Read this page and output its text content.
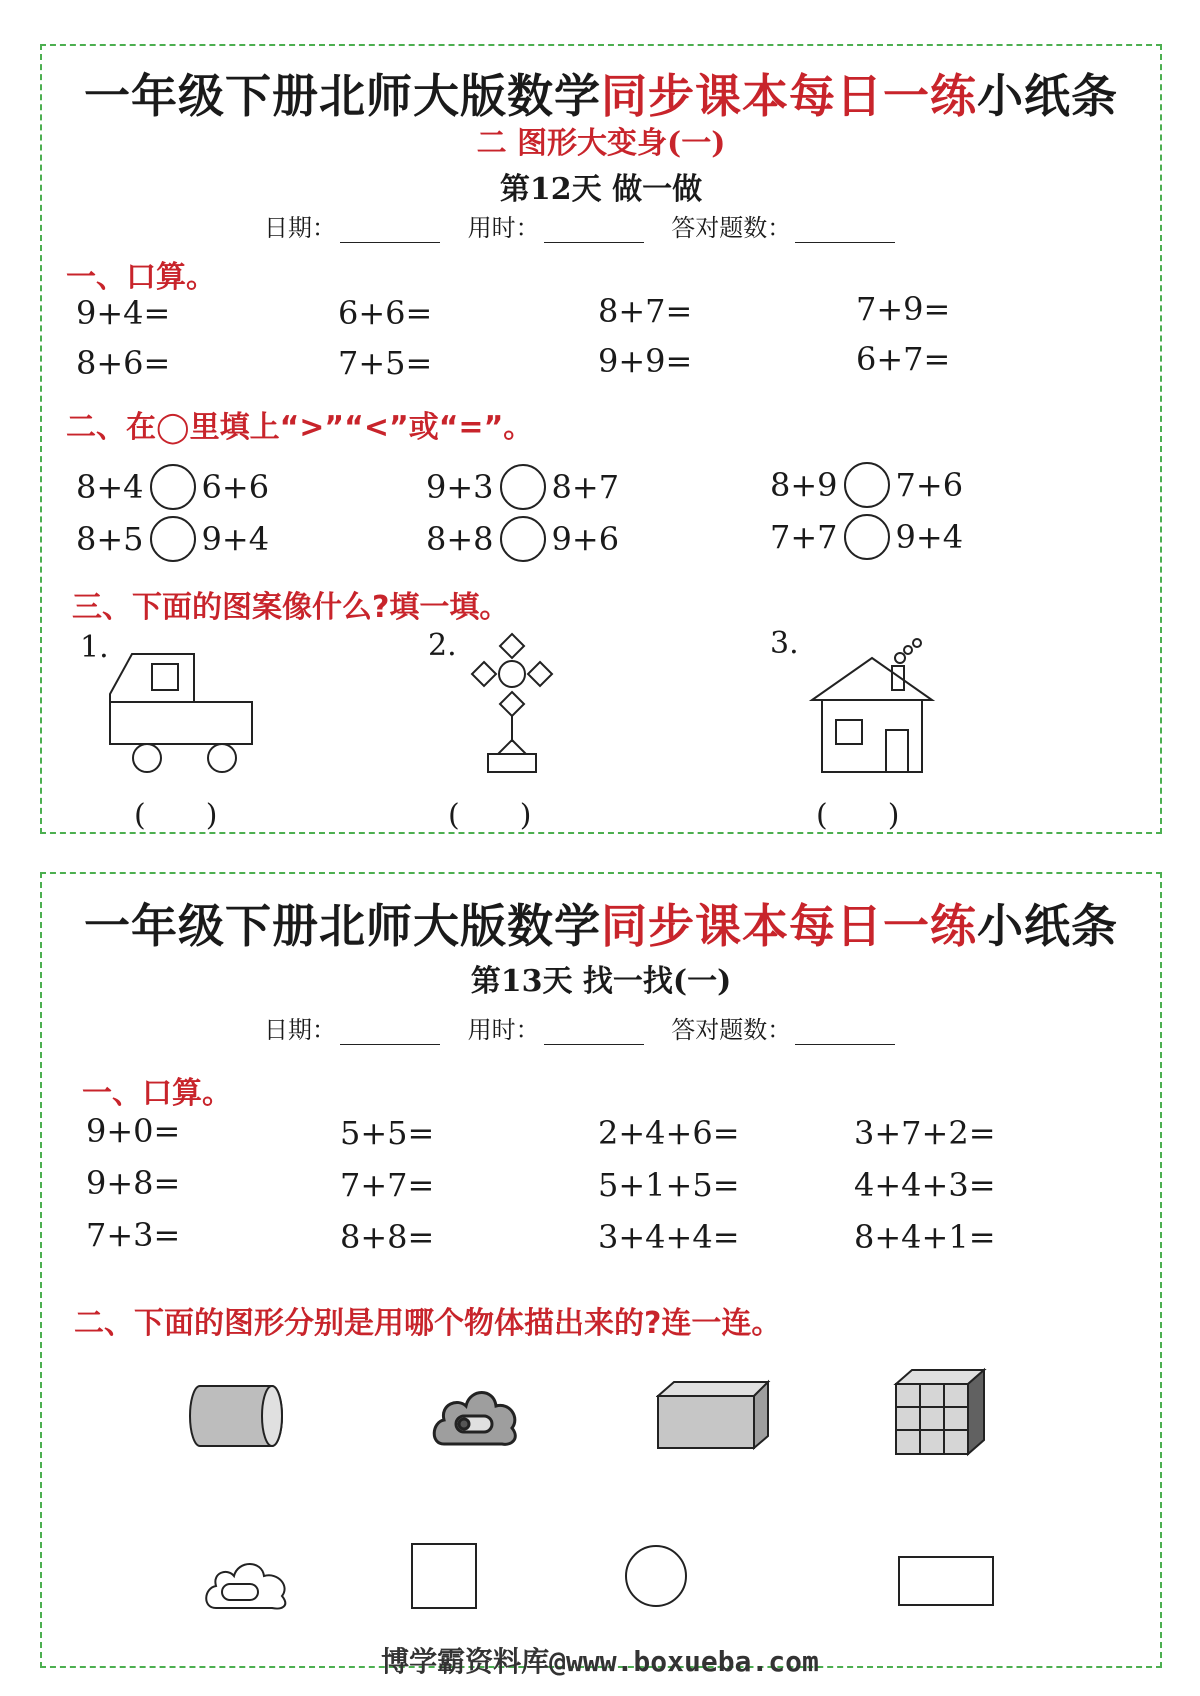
一年级下册北师大版数学同步课本每日一练小纸条
二 图形大变身(一)
第12天 做一做
日期：	用时：	答对题数：
一、口算。
9+4=	6+6=	8+7=	7+9=
8+6=	7+5=	9+9=	6+7=
二、在◯里填上“>”“<”或“=”。
8+4 6+6	9+3 8+7	8+9 7+6
8+5 9+4	8+8 9+6	7+7 9+4
三、下面的图案像什么?填一填。
1.	2.	3.
(　　)	(　　)	(　　)
一年级下册北师大版数学同步课本每日一练小纸条
第13天 找一找(一)
日期：	用时：	答对题数：
一、口算。
9+0=	5+5=	2+4+6=	3+7+2=
9+8=	7+7=	5+1+5=	4+4+3=
7+3=	8+8=	3+4+4=	8+4+1=
二、下面的图形分别是用哪个物体描出来的?连一连。
博学霸资料库@www.boxueba.com
